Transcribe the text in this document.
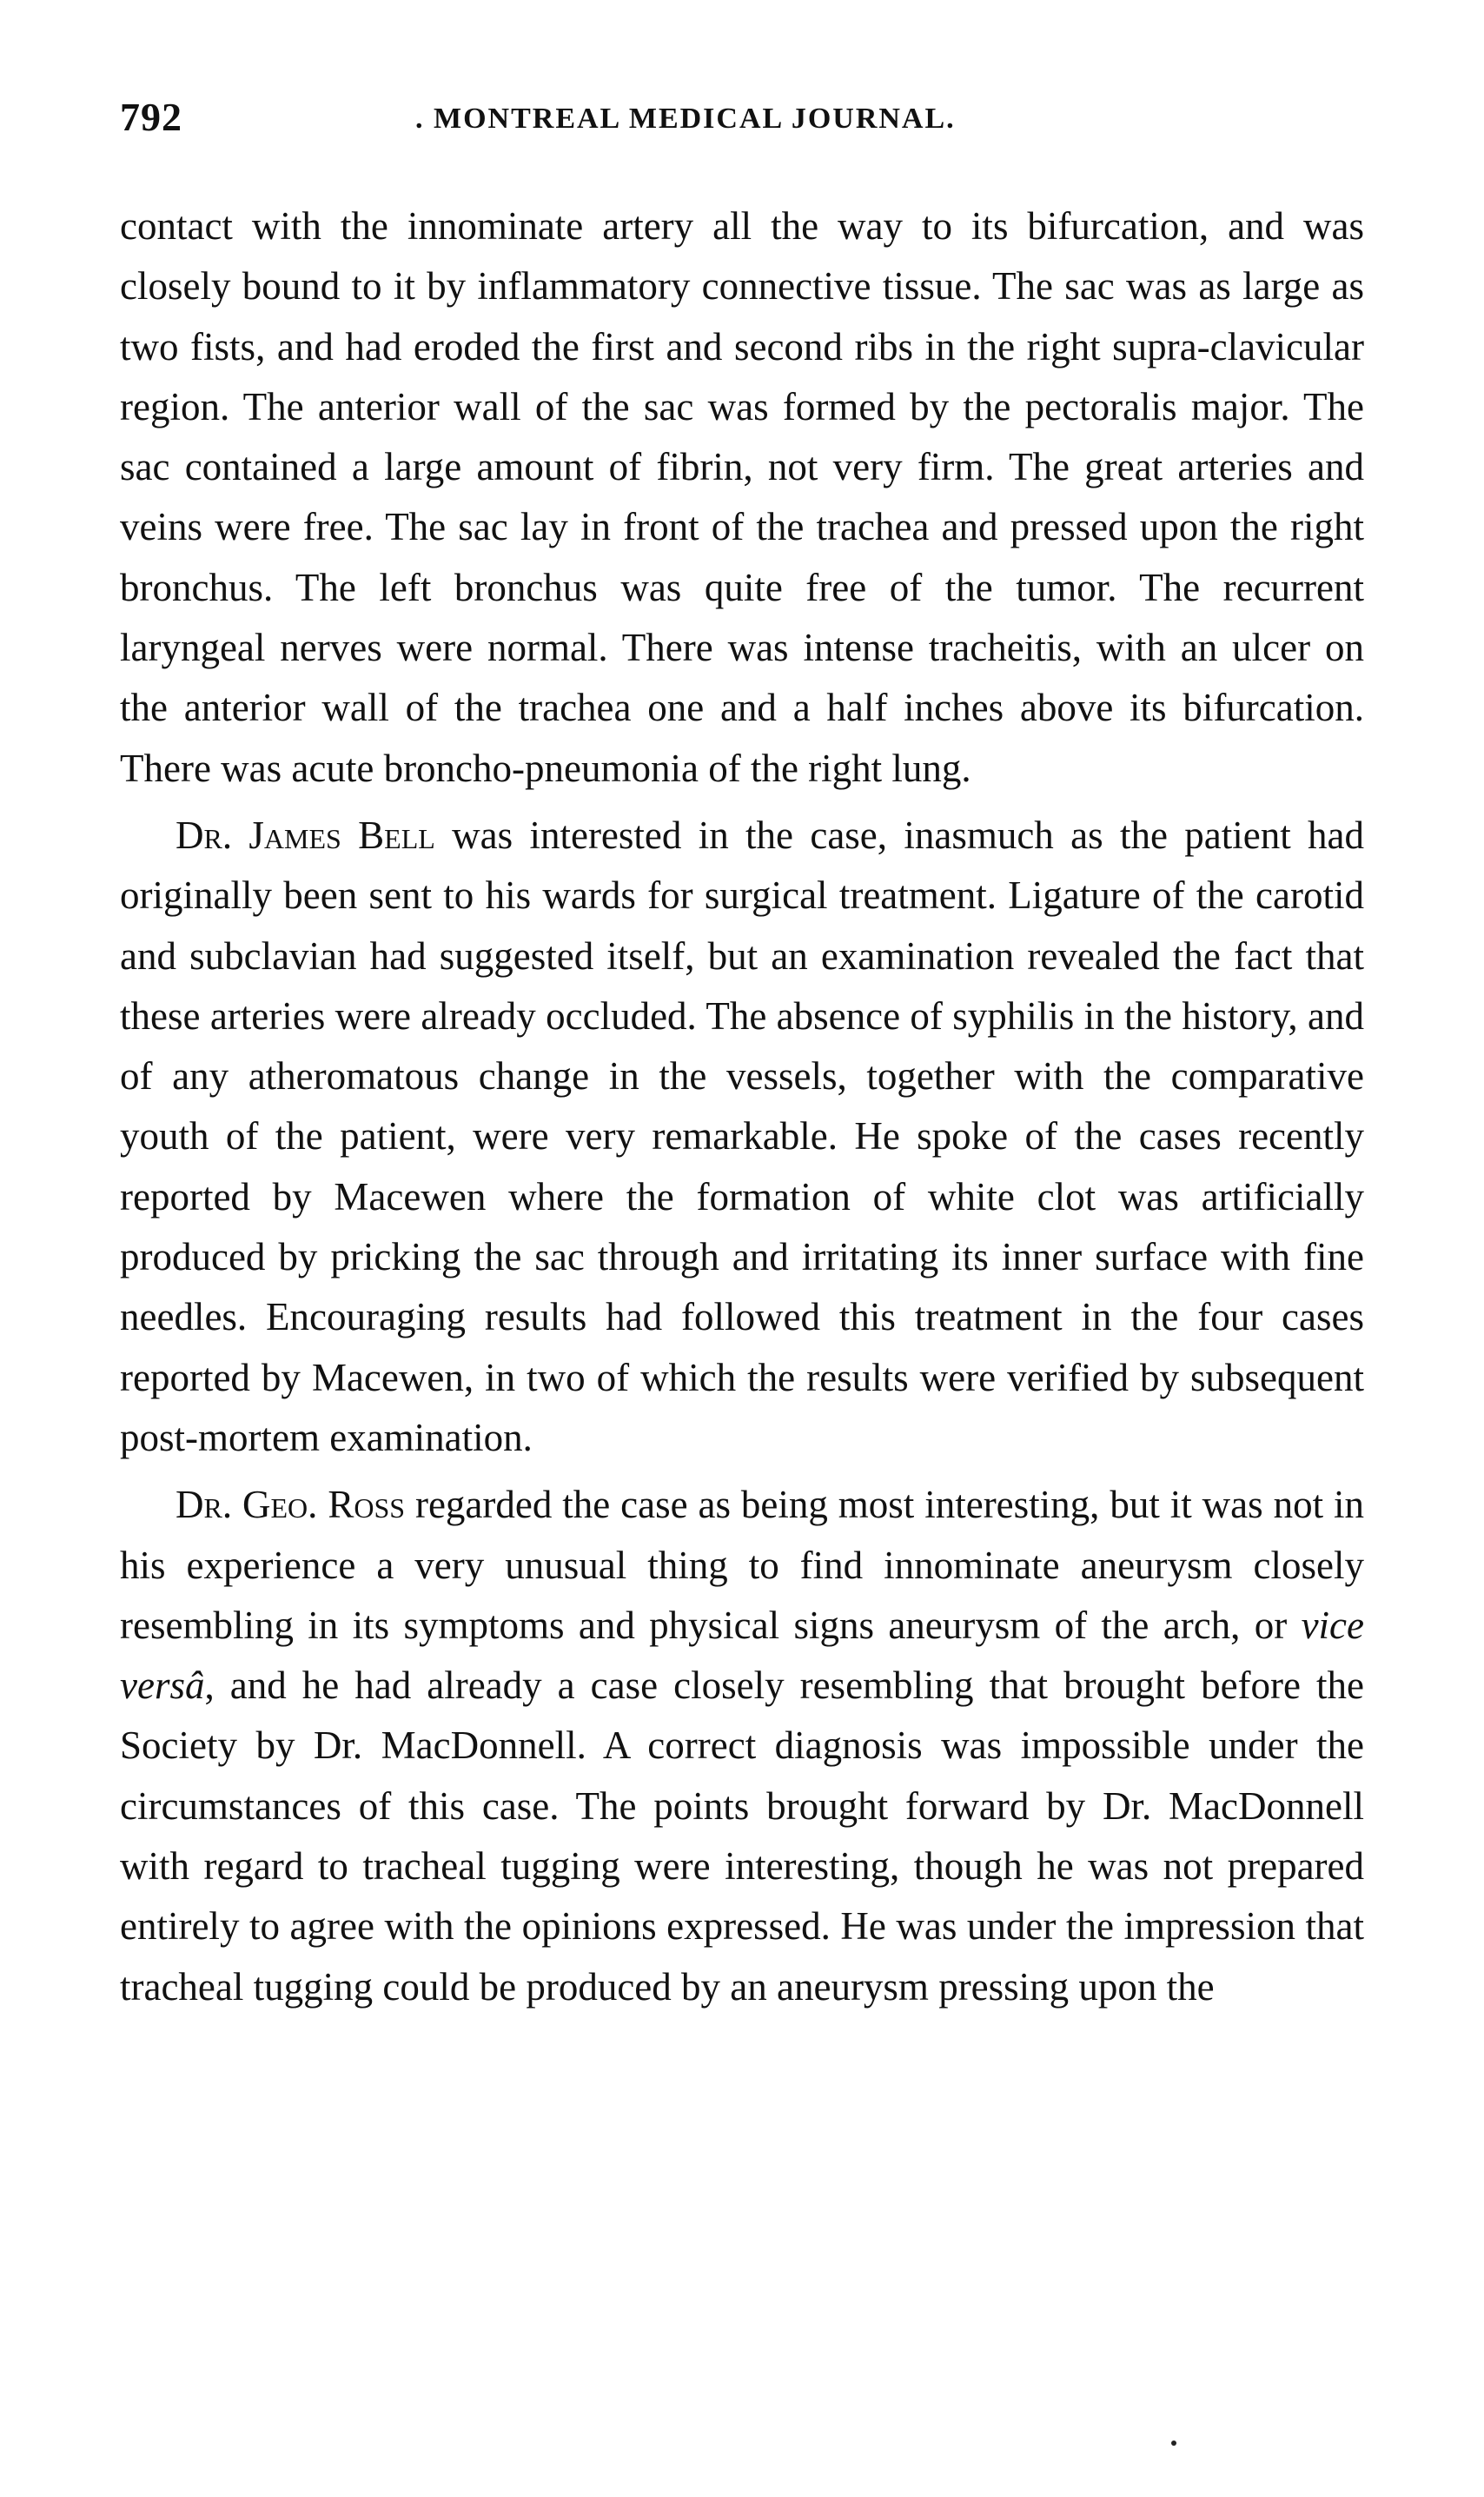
792	. MONTREAL MEDICAL JOURNAL.

contact with the innominate artery all the way to its bifurcation, and was closely bound to it by inflammatory connective tissue. The sac was as large as two fists, and had eroded the first and second ribs in the right supra-clavicular region. The anterior wall of the sac was formed by the pectoralis major. The sac contained a large amount of fibrin, not very firm. The great arteries and veins were free. The sac lay in front of the trachea and pressed upon the right bronchus. The left bronchus was quite free of the tumor. The recurrent laryngeal nerves were normal. There was intense tracheitis, with an ulcer on the anterior wall of the trachea one and a half inches above its bifurcation. There was acute broncho-pneumonia of the right lung.

Dr. James Bell was interested in the case, inasmuch as the patient had originally been sent to his wards for surgical treatment. Ligature of the carotid and subclavian had suggested itself, but an examination revealed the fact that these arteries were already occluded. The absence of syphilis in the history, and of any atheromatous change in the vessels, together with the comparative youth of the patient, were very remarkable. He spoke of the cases recently reported by Macewen where the formation of white clot was artificially produced by pricking the sac through and irritating its inner surface with fine needles. Encouraging results had followed this treatment in the four cases reported by Macewen, in two of which the results were verified by subsequent post-mortem examination.

Dr. Geo. Ross regarded the case as being most interesting, but it was not in his experience a very unusual thing to find innominate aneurysm closely resembling in its symptoms and physical signs aneurysm of the arch, or vice versâ, and he had already a case closely resembling that brought before the Society by Dr. MacDonnell. A correct diagnosis was impossible under the circumstances of this case. The points brought forward by Dr. MacDonnell with regard to tracheal tugging were interesting, though he was not prepared entirely to agree with the opinions expressed. He was under the impression that tracheal tugging could be produced by an aneurysm pressing upon the
